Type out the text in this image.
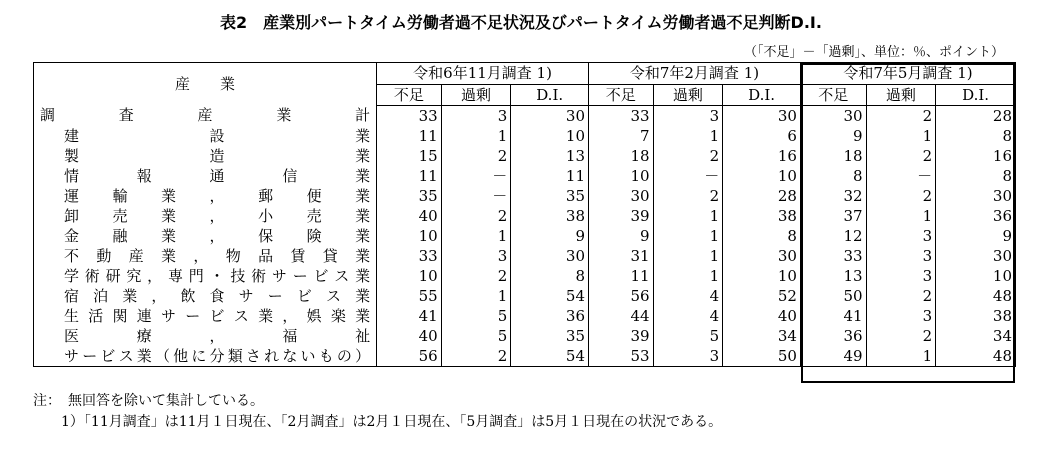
表2　産業別パートタイム労働者過不足状況及びパートタイム労働者過不足判断D.I.
（「不足」－「過剰」、単位：％、ポイント）
産　　業	令和6年11月調査 1)			令和7年2月調査 1)			令和7年5月調査 1)		
	不足	過剰	D.I.	不足	過剰	D.I.	不足	過剰	D.I.
調査産業計	33	3	30	33	3	30	30	2	28
建設業	11	1	10	7	1	6	9	1	8
製造業	15	2	13	18	2	16	18	2	16
情報通信業	11	－	11	10	－	10	8	－	8
運輸業，郵便業	35	－	35	30	2	28	32	2	30
卸売業，小売業	40	2	38	39	1	38	37	1	36
金融業，保険業	10	1	9	9	1	8	12	3	9
不動産業，物品賃貸業	33	3	30	31	1	30	33	3	30
学術研究，専門・技術サービス業	10	2	8	11	1	10	13	3	10
宿泊業，飲食サービス業	55	1	54	56	4	52	50	2	48
生活関連サービス業，娯楽業	41	5	36	44	4	40	41	3	38
医療，福祉	40	5	35	39	5	34	36	2	34
サービス業（他に分類されないもの）	56	2	54	53	3	50	49	1	48
注：　無回答を除いて集計している。
　　1）「11月調査」は11月１日現在、「2月調査」は2月１日現在、「5月調査」は5月１日現在の状況である。
